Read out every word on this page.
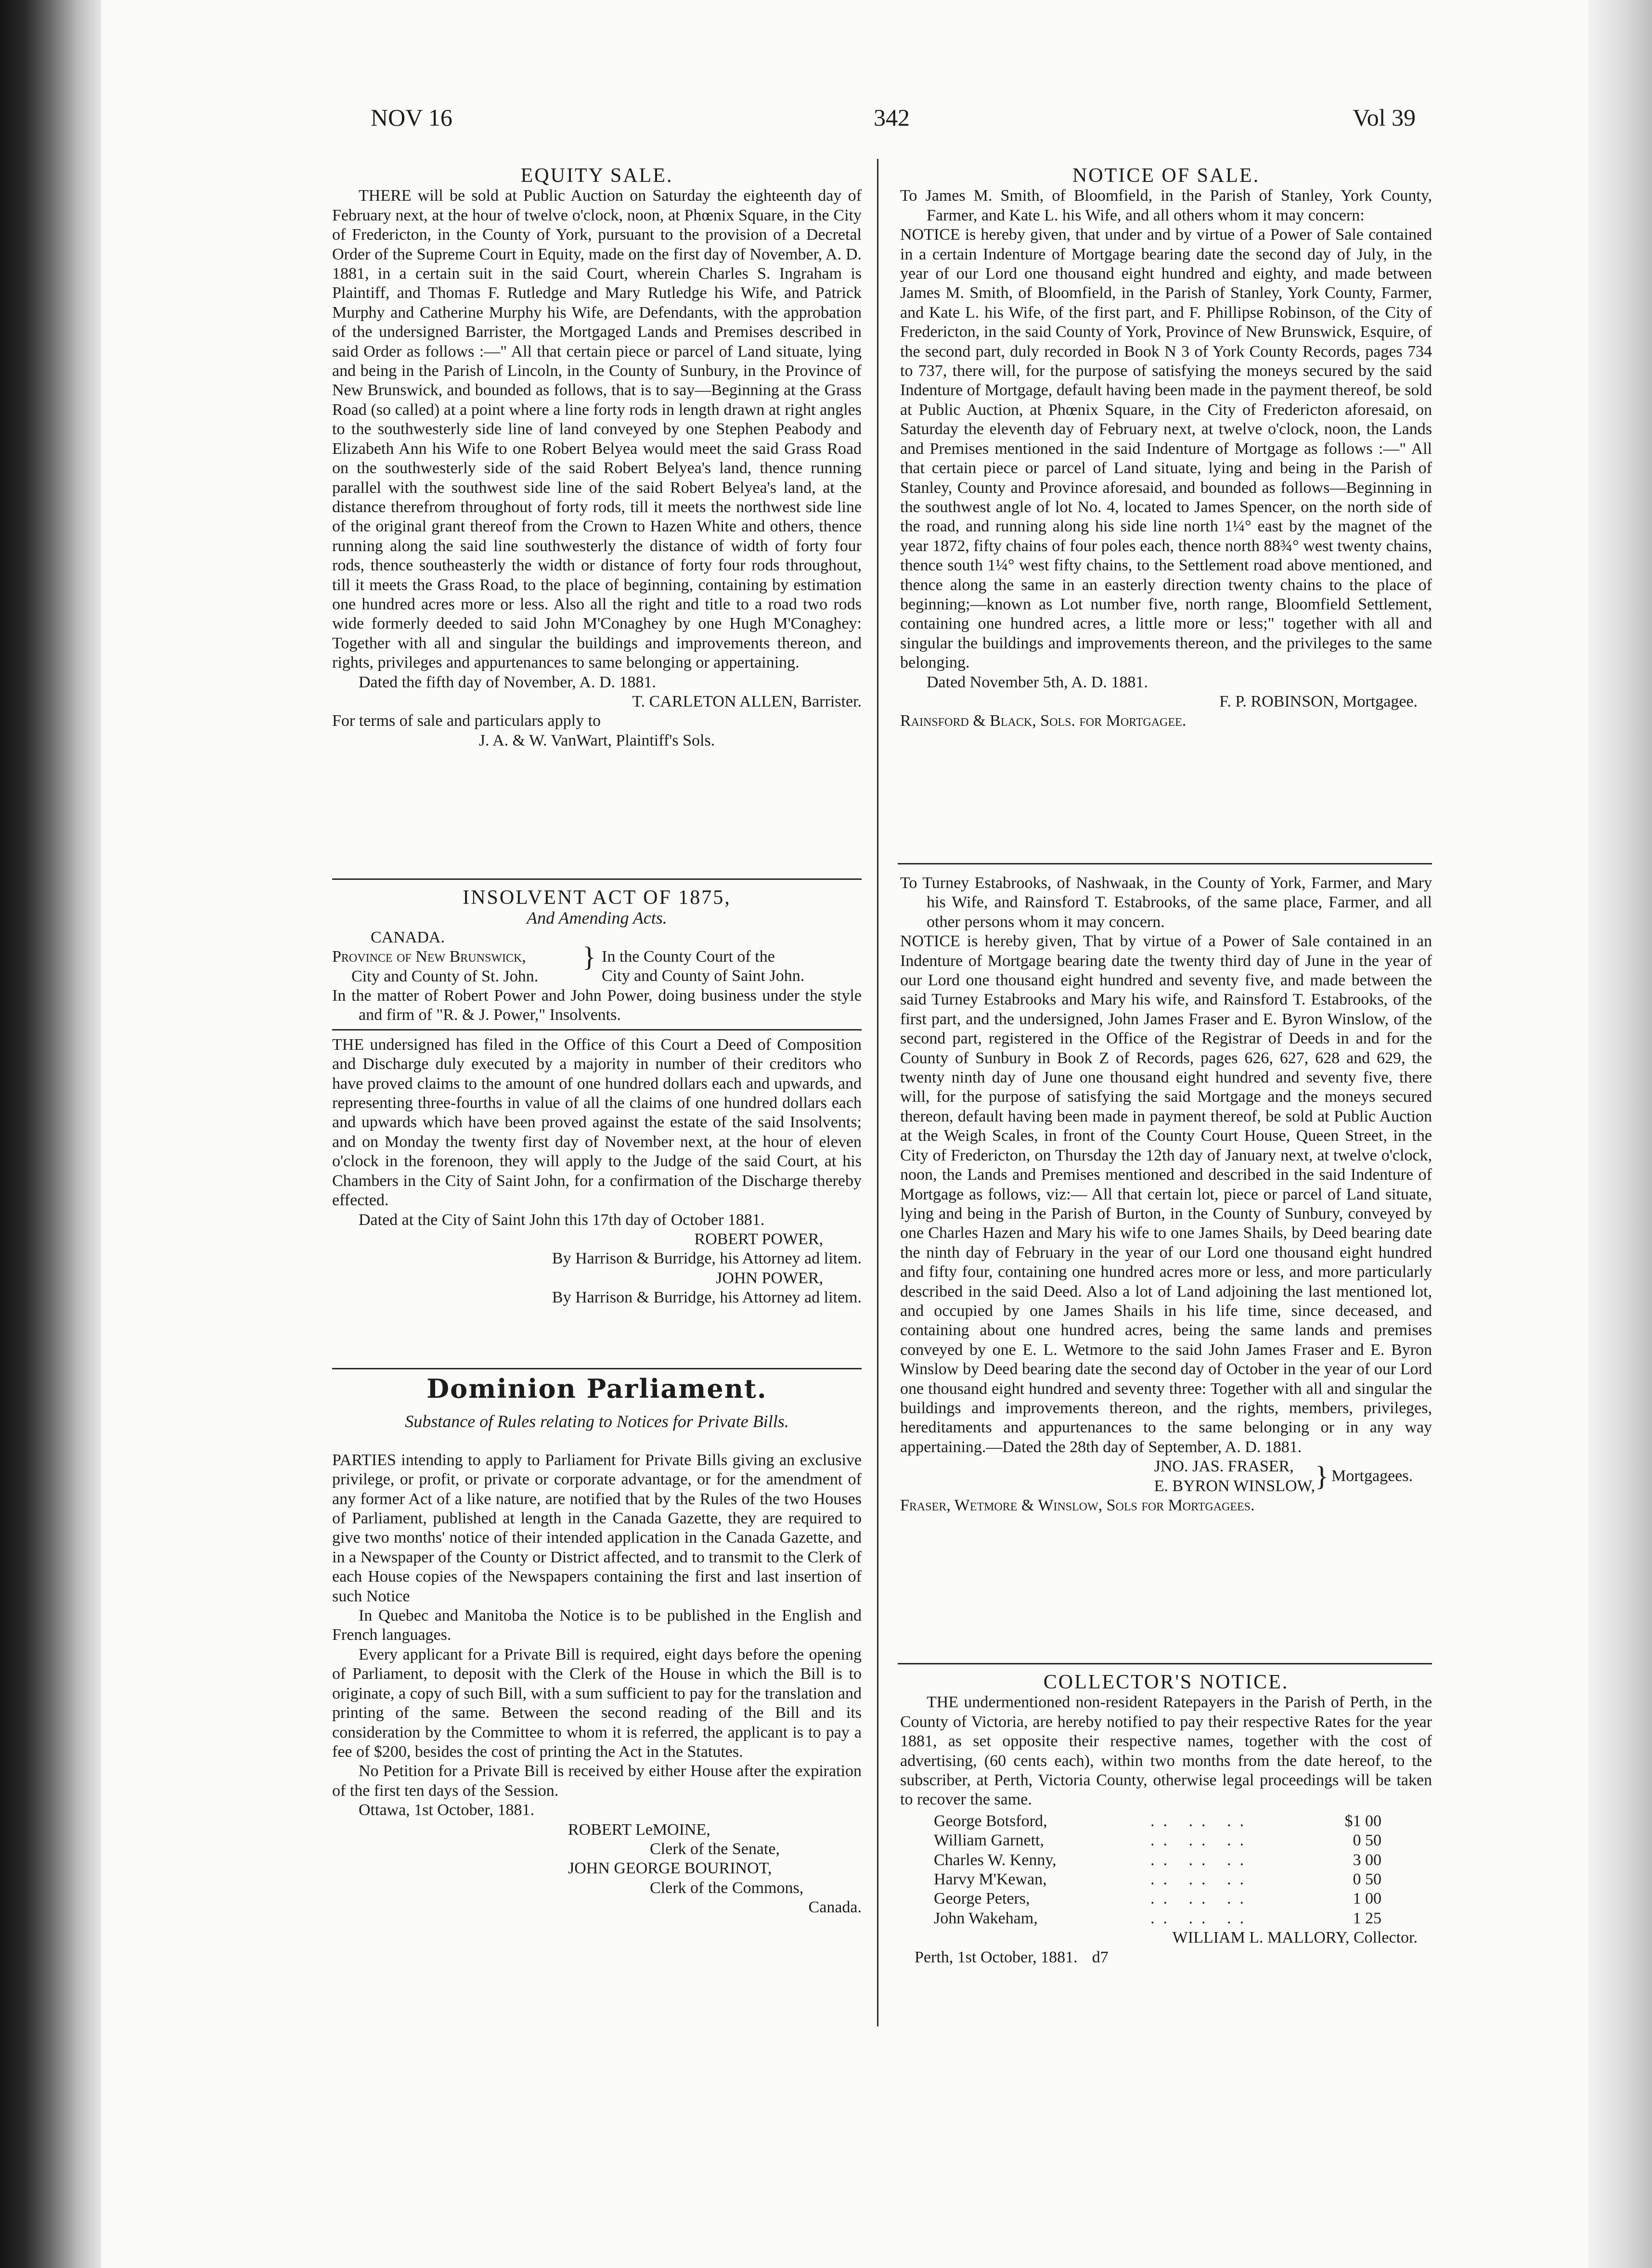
NOV 16	342	Vol 39
EQUITY SALE.

THERE will be sold at Public Auction on Saturday the eighteenth day of February next, at the hour of twelve o'clock, noon, at Phœnix Square, in the City of Fredericton, in the County of York, pursuant to the provision of a Decretal Order of the Supreme Court in Equity, made on the first day of November, A. D. 1881, in a certain suit in the said Court, wherein Charles S. Ingraham is Plaintiff, and Thomas F. Rutledge and Mary Rutledge his Wife, and Patrick Murphy and Catherine Murphy his Wife, are Defendants, with the approbation of the undersigned Barrister, the Mortgaged Lands and Premises described in said Order as follows :—" All that certain piece or parcel of Land situate, lying and being in the Parish of Lincoln, in the County of Sunbury, in the Province of New Brunswick, and bounded as follows, that is to say—Beginning at the Grass Road (so called) at a point where a line forty rods in length drawn at right angles to the southwesterly side line of land conveyed by one Stephen Peabody and Elizabeth Ann his Wife to one Robert Belyea would meet the said Grass Road on the southwesterly side of the said Robert Belyea's land, thence running parallel with the southwest side line of the said Robert Belyea's land, at the distance therefrom throughout of forty rods, till it meets the northwest side line of the original grant thereof from the Crown to Hazen White and others, thence running along the said line southwesterly the distance of width of forty four rods, thence southeasterly the width or distance of forty four rods throughout, till it meets the Grass Road, to the place of beginning, containing by estimation one hundred acres more or less. Also all the right and title to a road two rods wide formerly deeded to said John M'Conaghey by one Hugh M'Conaghey: Together with all and singular the buildings and improvements thereon, and rights, privileges and appurtenances to same belonging or appertaining.

Dated the fifth day of November, A. D. 1881.

T. CARLETON ALLEN, Barrister.

For terms of sale and particulars apply to

J. A. & W. VanWart, Plaintiff's Sols.

INSOLVENT ACT OF 1875,
And Amending Acts.

CANADA.

Province of New Brunswick,

City and County of St. John.

} In the County Court of the

City and County of Saint John.

In the matter of Robert Power and John Power, doing business under the style and firm of "R. & J. Power," Insolvents.

THE undersigned has filed in the Office of this Court a Deed of Composition and Discharge duly executed by a majority in number of their creditors who have proved claims to the amount of one hundred dollars each and upwards, and representing three-fourths in value of all the claims of one hundred dollars each and upwards which have been proved against the estate of the said Insolvents; and on Monday the twenty first day of November next, at the hour of eleven o'clock in the forenoon, they will apply to the Judge of the said Court, at his Chambers in the City of Saint John, for a confirmation of the Discharge thereby effected.

Dated at the City of Saint John this 17th day of October 1881.

ROBERT POWER,

By Harrison & Burridge, his Attorney ad litem.

JOHN POWER,

By Harrison & Burridge, his Attorney ad litem.

Dominion Parliament.
Substance of Rules relating to Notices for Private Bills.

PARTIES intending to apply to Parliament for Private Bills giving an exclusive privilege, or profit, or private or corporate advantage, or for the amendment of any former Act of a like nature, are notified that by the Rules of the two Houses of Parliament, published at length in the Canada Gazette, they are required to give two months' notice of their intended application in the Canada Gazette, and in a Newspaper of the County or District affected, and to transmit to the Clerk of each House copies of the Newspapers containing the first and last insertion of such Notice

In Quebec and Manitoba the Notice is to be published in the English and French languages.

Every applicant for a Private Bill is required, eight days before the opening of Parliament, to deposit with the Clerk of the House in which the Bill is to originate, a copy of such Bill, with a sum sufficient to pay for the translation and printing of the same. Between the second reading of the Bill and its consideration by the Committee to whom it is referred, the applicant is to pay a fee of $200, besides the cost of printing the Act in the Statutes.

No Petition for a Private Bill is received by either House after the expiration of the first ten days of the Session.

Ottawa, 1st October, 1881.

ROBERT LeMOINE,

Clerk of the Senate,

JOHN GEORGE BOURINOT,

Clerk of the Commons,

Canada.

NOTICE OF SALE.

To James M. Smith, of Bloomfield, in the Parish of Stanley, York County, Farmer, and Kate L. his Wife, and all others whom it may concern:

NOTICE is hereby given, that under and by virtue of a Power of Sale contained in a certain Indenture of Mortgage bearing date the second day of July, in the year of our Lord one thousand eight hundred and eighty, and made between James M. Smith, of Bloomfield, in the Parish of Stanley, York County, Farmer, and Kate L. his Wife, of the first part, and F. Phillipse Robinson, of the City of Fredericton, in the said County of York, Province of New Brunswick, Esquire, of the second part, duly recorded in Book N 3 of York County Records, pages 734 to 737, there will, for the purpose of satisfying the moneys secured by the said Indenture of Mortgage, default having been made in the payment thereof, be sold at Public Auction, at Phœnix Square, in the City of Fredericton aforesaid, on Saturday the eleventh day of February next, at twelve o'clock, noon, the Lands and Premises mentioned in the said Indenture of Mortgage as follows :—" All that certain piece or parcel of Land situate, lying and being in the Parish of Stanley, County and Province aforesaid, and bounded as follows—Beginning in the southwest angle of lot No. 4, located to James Spencer, on the north side of the road, and running along his side line north 1¼° east by the magnet of the year 1872, fifty chains of four poles each, thence north 88¾° west twenty chains, thence south 1¼° west fifty chains, to the Settlement road above mentioned, and thence along the same in an easterly direction twenty chains to the place of beginning;—known as Lot number five, north range, Bloomfield Settlement, containing one hundred acres, a little more or less;" together with all and singular the buildings and improvements thereon, and the privileges to the same belonging.

Dated November 5th, A. D. 1881.

F. P. ROBINSON, Mortgagee.

Rainsford & Black, Sols. for Mortgagee.

To Turney Estabrooks, of Nashwaak, in the County of York, Farmer, and Mary his Wife, and Rainsford T. Estabrooks, of the same place, Farmer, and all other persons whom it may concern.

NOTICE is hereby given, That by virtue of a Power of Sale contained in an Indenture of Mortgage bearing date the twenty third day of June in the year of our Lord one thousand eight hundred and seventy five, and made between the said Turney Estabrooks and Mary his wife, and Rainsford T. Estabrooks, of the first part, and the undersigned, John James Fraser and E. Byron Winslow, of the second part, registered in the Office of the Registrar of Deeds in and for the County of Sunbury in Book Z of Records, pages 626, 627, 628 and 629, the twenty ninth day of June one thousand eight hundred and seventy five, there will, for the purpose of satisfying the said Mortgage and the moneys secured thereon, default having been made in payment thereof, be sold at Public Auction at the Weigh Scales, in front of the County Court House, Queen Street, in the City of Fredericton, on Thursday the 12th day of January next, at twelve o'clock, noon, the Lands and Premises mentioned and described in the said Indenture of Mortgage as follows, viz:— All that certain lot, piece or parcel of Land situate, lying and being in the Parish of Burton, in the County of Sunbury, conveyed by one Charles Hazen and Mary his wife to one James Shails, by Deed bearing date the ninth day of February in the year of our Lord one thousand eight hundred and fifty four, containing one hundred acres more or less, and more particularly described in the said Deed. Also a lot of Land adjoining the last mentioned lot, and occupied by one James Shails in his life time, since deceased, and containing about one hundred acres, being the same lands and premises conveyed by one E. L. Wetmore to the said John James Fraser and E. Byron Winslow by Deed bearing date the second day of October in the year of our Lord one thousand eight hundred and seventy three: Together with all and singular the buildings and improvements thereon, and the rights, members, privileges, hereditaments and appurtenances to the same belonging or in any way appertaining.—Dated the 28th day of September, A. D. 1881.

JNO. JAS. FRASER,

E. BYRON WINSLOW, } Mortgagees.

Fraser, Wetmore & Winslow, Sols for Mortgagees.

COLLECTOR'S NOTICE.

THE undermentioned non-resident Ratepayers in the Parish of Perth, in the County of Victoria, are hereby notified to pay their respective Rates for the year 1881, as set opposite their respective names, together with the cost of advertising, (60 cents each), within two months from the date hereof, to the subscriber, at Perth, Victoria County, otherwise legal proceedings will be taken to recover the same.

George Botsford,	.. .. ..	$1 00
William Garnett,	.. .. ..	0 50
Charles W. Kenny,	.. .. ..	3 00
Harvy M'Kewan,	.. .. ..	0 50
George Peters,	.. .. ..	1 00
John Wakeham,	.. .. ..	1 25

WILLIAM L. MALLORY, Collector.

Perth, 1st October, 1881. d7
